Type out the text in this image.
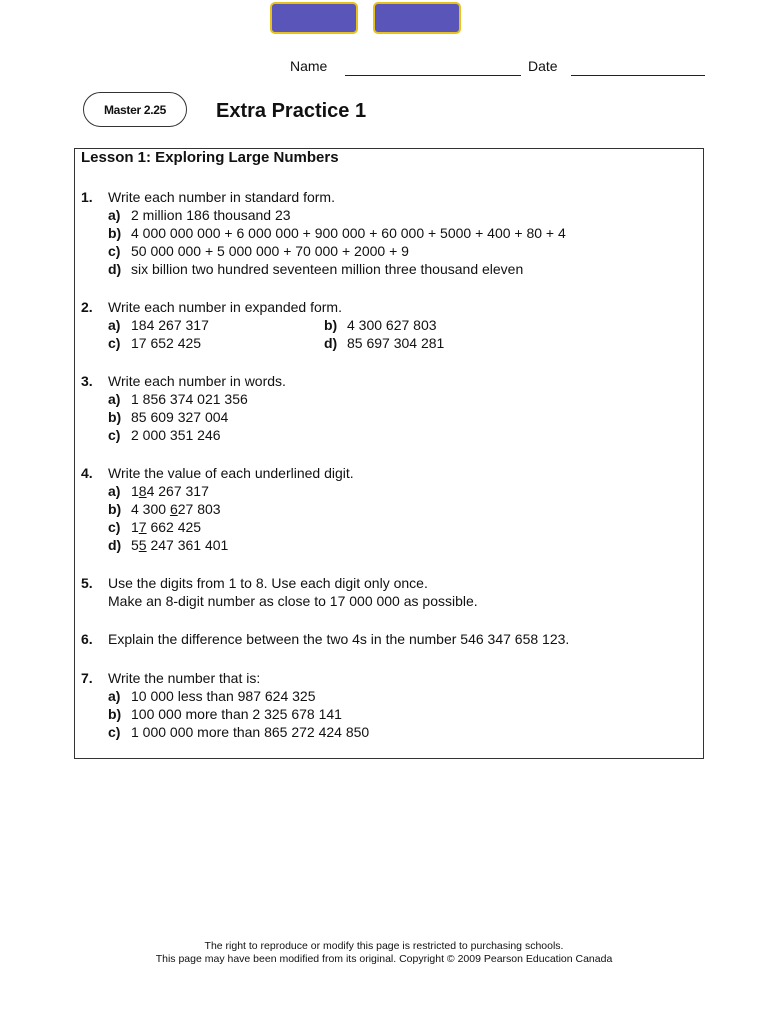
Name	Date
Master 2.25	Extra Practice 1
Lesson 1: Exploring Large Numbers
1. Write each number in standard form.
a) 2 million 186 thousand 23
b) 4 000 000 000 + 6 000 000 + 900 000 + 60 000 + 5000 + 400 + 80 + 4
c) 50 000 000 + 5 000 000 + 70 000 + 2000 + 9
d) six billion two hundred seventeen million three thousand eleven
2. Write each number in expanded form.
a) 184 267 317	b) 4 300 627 803
c) 17 652 425	d) 85 697 304 281
3. Write each number in words.
a) 1 856 374 021 356
b) 85 609 327 004
c) 2 000 351 246
4. Write the value of each underlined digit.
a) 184 267 317
b) 4 300 627 803
c) 17 662 425
d) 55 247 361 401
5. Use the digits from 1 to 8. Use each digit only once.
Make an 8-digit number as close to 17 000 000 as possible.
6. Explain the difference between the two 4s in the number 546 347 658 123.
7. Write the number that is:
a) 10 000 less than 987 624 325
b) 100 000 more than 2 325 678 141
c) 1 000 000 more than 865 272 424 850
The right to reproduce or modify this page is restricted to purchasing schools.
This page may have been modified from its original. Copyright © 2009 Pearson Education Canada
